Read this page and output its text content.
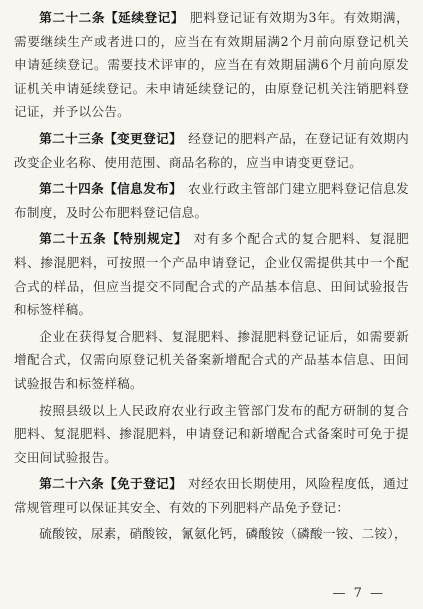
第二十二条【延续登记】 肥料登记证有效期为3年。有效期满，需要继续生产或者进口的，应当在有效期届满2个月前向原登记机关申请延续登记。需要技术评审的，应当在有效期届满6个月前向原发证机关申请延续登记。未申请延续登记的，由原登记机关注销肥料登记证，并予以公告。

第二十三条【变更登记】 经登记的肥料产品，在登记证有效期内改变企业名称、使用范围、商品名称的，应当申请变更登记。

第二十四条【信息发布】 农业行政主管部门建立肥料登记信息发布制度，及时公布肥料登记信息。

第二十五条【特别规定】 对有多个配合式的复合肥料、复混肥料、掺混肥料，可按照一个产品申请登记，企业仅需提供其中一个配合式的样品，但应当提交不同配合式的产品基本信息、田间试验报告和标签样稿。

企业在获得复合肥料、复混肥料、掺混肥料登记证后，如需要新增配合式，仅需向原登记机关备案新增配合式的产品基本信息、田间试验报告和标签样稿。

按照县级以上人民政府农业行政主管部门发布的配方研制的复合肥料、复混肥料、掺混肥料，申请登记和新增配合式备案时可免于提交田间试验报告。

第二十六条【免于登记】 对经农田长期使用，风险程度低，通过常规管理可以保证其安全、有效的下列肥料产品免予登记：

硫酸铵，尿素，硝酸铵，氰氨化钙，磷酸铵（磷酸一铵、二铵），

— 7 —
